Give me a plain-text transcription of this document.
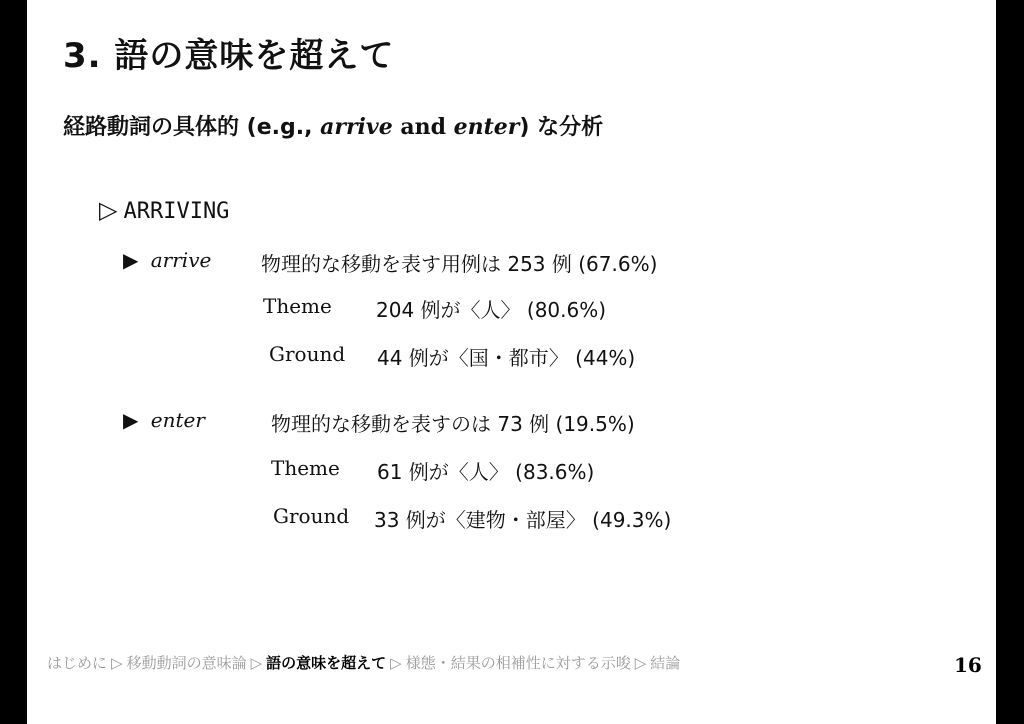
3. 語の意味を超えて
経路動詞の具体的 (e.g., arrive and enter) な分析
▷ ARRIVING
▶ arrive 物理的な移動を表す用例は 253 例 (67.6%)
Theme 204 例が〈人〉 (80.6%)
Ground 44 例が〈国・都市〉 (44%)
▶ enter	物理的な移動を表すのは 73 例 (19.5%)
Theme 61 例が〈人〉 (83.6%)
Ground 33 例が〈建物・部屋〉 (49.3%)
はじめに ▷ 移動動詞の意味論 ▷ 語の意味を超えて ▷ 様態・結果の相補性に対する示唆 ▷ 結論	16
